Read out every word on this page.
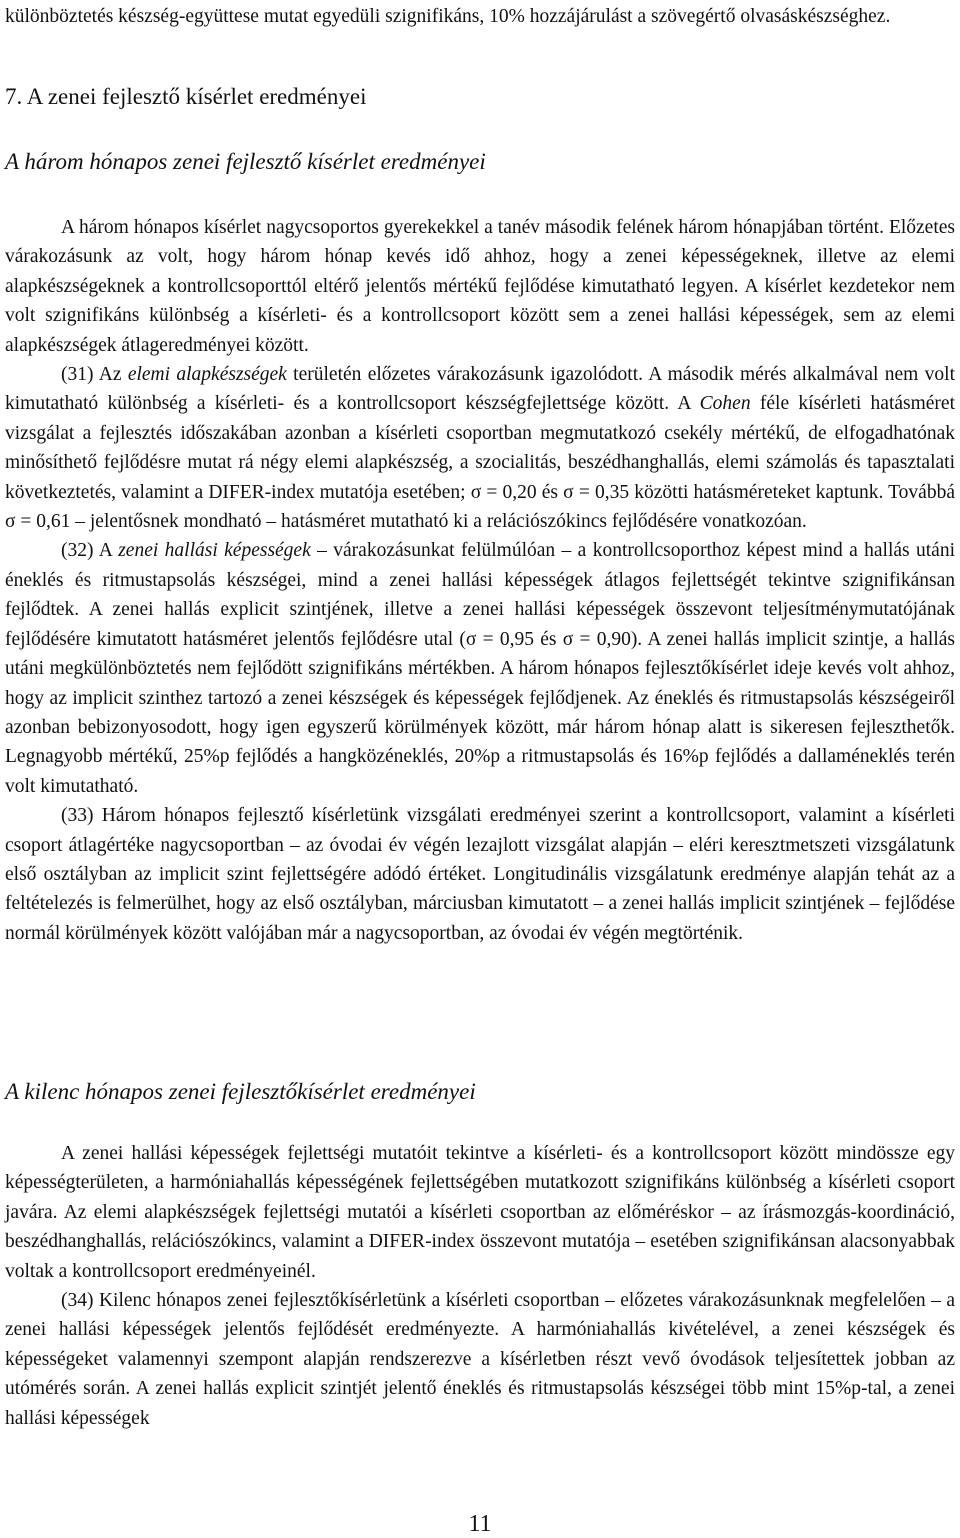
különböztetés készség-együttese mutat egyedüli szignifikáns, 10% hozzájárulást a szövegértő olvasáskészséghez.

7. A zenei fejlesztő kísérlet eredményei
A három hónapos zenei fejlesztő kísérlet eredményei

A három hónapos kísérlet nagycsoportos gyerekekkel a tanév második felének három hónapjában történt. Előzetes várakozásunk az volt, hogy három hónap kevés idő ahhoz, hogy a zenei képességeknek, illetve az elemi alapkészségeknek a kontrollcsoporttól eltérő jelentős mértékű fejlődése kimutatható legyen. A kísérlet kezdetekor nem volt szignifikáns különbség a kísérleti- és a kontrollcsoport között sem a zenei hallási képességek, sem az elemi alapkészségek átlageredményei között.

(31) Az elemi alapkészségek területén előzetes várakozásunk igazolódott. A második mérés alkalmával nem volt kimutatható különbség a kísérleti- és a kontrollcsoport készségfejlettsége között. A Cohen féle kísérleti hatásméret vizsgálat a fejlesztés időszakában azonban a kísérleti csoportban megmutatkozó csekély mértékű, de elfogadhatónak minősíthető fejlődésre mutat rá négy elemi alapkészség, a szocialitás, beszédhanghallás, elemi számolás és tapasztalati következtetés, valamint a DIFER-index mutatója esetében; σ = 0,20 és σ = 0,35 közötti hatásméreteket kaptunk. Továbbá σ = 0,61 – jelentősnek mondható – hatásméret mutatható ki a relációszókincs fejlődésére vonatkozóan.

(32) A zenei hallási képességek – várakozásunkat felülmúlóan – a kontrollcsoporthoz képest mind a hallás utáni éneklés és ritmustapsolás készségei, mind a zenei hallási képességek átlagos fejlettségét tekintve szignifikánsan fejlődtek. A zenei hallás explicit szintjének, illetve a zenei hallási képességek összevont teljesítménymutatójának fejlődésére kimutatott hatásméret jelentős fejlődésre utal (σ = 0,95 és σ = 0,90). A zenei hallás implicit szintje, a hallás utáni megkülönböztetés nem fejlődött szignifikáns mértékben. A három hónapos fejlesztőkísérlet ideje kevés volt ahhoz, hogy az implicit szinthez tartozó a zenei készségek és képességek fejlődjenek. Az éneklés és ritmustapsolás készségeiről azonban bebizonyosodott, hogy igen egyszerű körülmények között, már három hónap alatt is sikeresen fejleszthetők. Legnagyobb mértékű, 25%p fejlődés a hangközéneklés, 20%p a ritmustapsolás és 16%p fejlődés a dallaméneklés terén volt kimutatható.

(33) Három hónapos fejlesztő kísérletünk vizsgálati eredményei szerint a kontrollcsoport, valamint a kísérleti csoport átlagértéke nagycsoportban – az óvodai év végén lezajlott vizsgálat alapján – eléri keresztmetszeti vizsgálatunk első osztályban az implicit szint fejlettségére adódó értéket. Longitudinális vizsgálatunk eredménye alapján tehát az a feltételezés is felmerülhet, hogy az első osztályban, márciusban kimutatott – a zenei hallás implicit szintjének – fejlődése normál körülmények között valójában már a nagycsoportban, az óvodai év végén megtörténik.

A kilenc hónapos zenei fejlesztőkísérlet eredményei

A zenei hallási képességek fejlettségi mutatóit tekintve a kísérleti- és a kontrollcsoport között mindössze egy képességterületen, a harmóniahallás képességének fejlettségében mutatkozott szignifikáns különbség a kísérleti csoport javára. Az elemi alapkészségek fejlettségi mutatói a kísérleti csoportban az előméréskor – az írásmozgás-koordináció, beszédhanghallás, relációszókincs, valamint a DIFER-index összevont mutatója – esetében szignifikánsan alacsonyabbak voltak a kontrollcsoport eredményeinél.

(34) Kilenc hónapos zenei fejlesztőkísérletünk a kísérleti csoportban – előzetes várakozásunknak megfelelően – a zenei hallási képességek jelentős fejlődését eredményezte. A harmóniahallás kivételével, a zenei készségek és képességeket valamennyi szempont alapján rendszerezve a kísérletben részt vevő óvodások teljesítettek jobban az utómérés során. A zenei hallás explicit szintjét jelentő éneklés és ritmustapsolás készségei több mint 15%p-tal, a zenei hallási képességek

11
